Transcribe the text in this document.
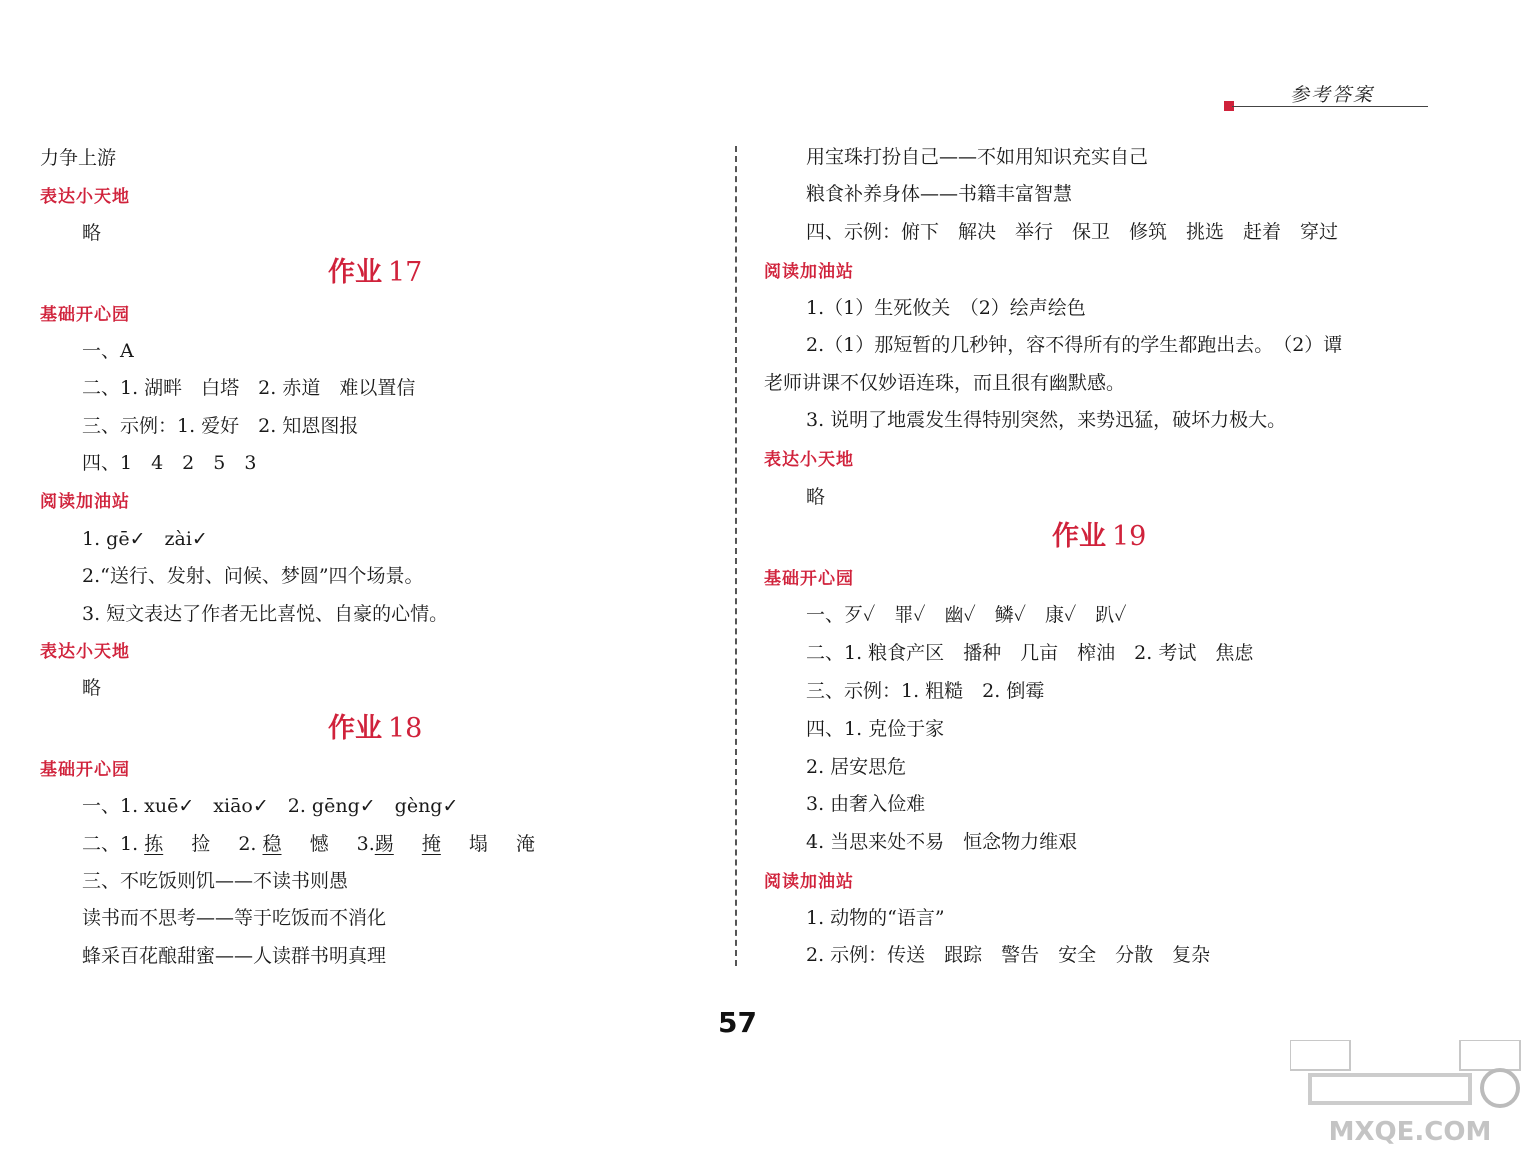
参考答案
力争上游
表达小天地
略
作业 17
基础开心园
一、A
二、1. 湖畔　白塔　2. 赤道　难以置信
三、示例：1. 爱好　2. 知恩图报
四、1　4　2　5　3
阅读加油站
1. gē✓　zài✓
2.“送行、发射、问候、梦圆”四个场景。
3. 短文表达了作者无比喜悦、自豪的心情。
表达小天地
略
作业 18
基础开心园
一、1. xuē✓　xiāo✓　2. gēng✓　gèng✓
二、1. 拣 捡 2. 稳 憾 3.踢 掩 塌 淹
三、不吃饭则饥——不读书则愚
读书而不思考——等于吃饭而不消化
蜂采百花酿甜蜜——人读群书明真理
用宝珠打扮自己——不如用知识充实自己
粮食补养身体——书籍丰富智慧
四、示例：俯下　解决　举行　保卫　修筑　挑选　赶着　穿过
阅读加油站
1.（1）生死攸关　（2）绘声绘色
2.（1）那短暂的几秒钟，容不得所有的学生都跑出去。　（2）谭
老师讲课不仅妙语连珠，而且很有幽默感。
3. 说明了地震发生得特别突然，来势迅猛，破坏力极大。
表达小天地
略
作业 19
基础开心园
一、歹✓　罪✓　幽✓　鳞✓　康✓　趴✓
二、1. 粮食产区　播种　几亩　榨油　2. 考试　焦虑
三、示例：1. 粗糙　2. 倒霉
四、1. 克俭于家
2. 居安思危
3. 由奢入俭难
4. 当思来处不易　恒念物力维艰
阅读加油站
1. 动物的“语言”
2. 示例：传送　跟踪　警告　安全　分散　复杂
57
MXQE.COM
